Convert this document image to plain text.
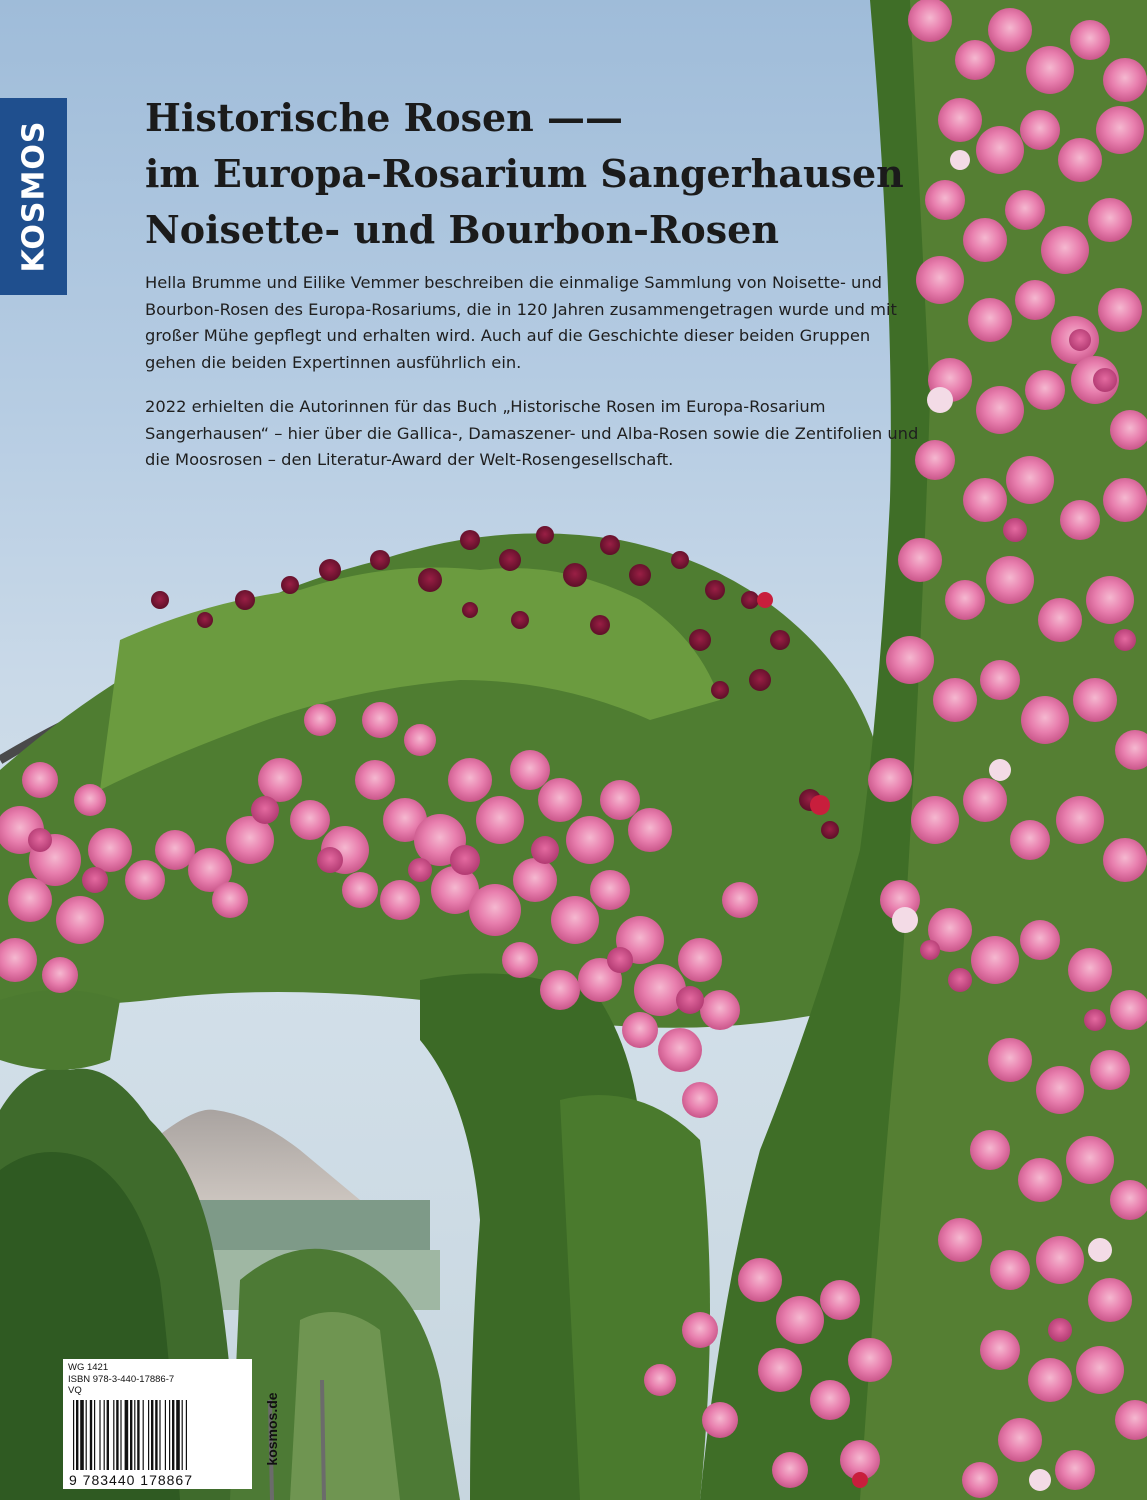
KOSMOS
Historische Rosen ——
im Europa-Rosarium Sangerhausen
Noisette- und Bourbon-Rosen

Hella Brumme und Eilike Vemmer beschreiben die einmalige Sammlung von Noisette- und Bourbon-Rosen des Europa-Rosariums, die in 120 Jahren zusammengetragen wurde und mit großer Mühe gepflegt und erhalten wird. Auch auf die Geschichte dieser beiden Gruppen gehen die beiden Expertinnen ausführlich ein.

2022 erhielten die Autorinnen für das Buch „Historische Rosen im Europa-Rosarium Sangerhausen“ – hier über die Gallica-, Damaszener- und Alba-Rosen sowie die Zentifolien und die Moosrosen – den Literatur-Award der Welt-Rosengesellschaft.

WG 1421
ISBN 978-3-440-17886-7
VQ
9 783440 178867
kosmos.de
